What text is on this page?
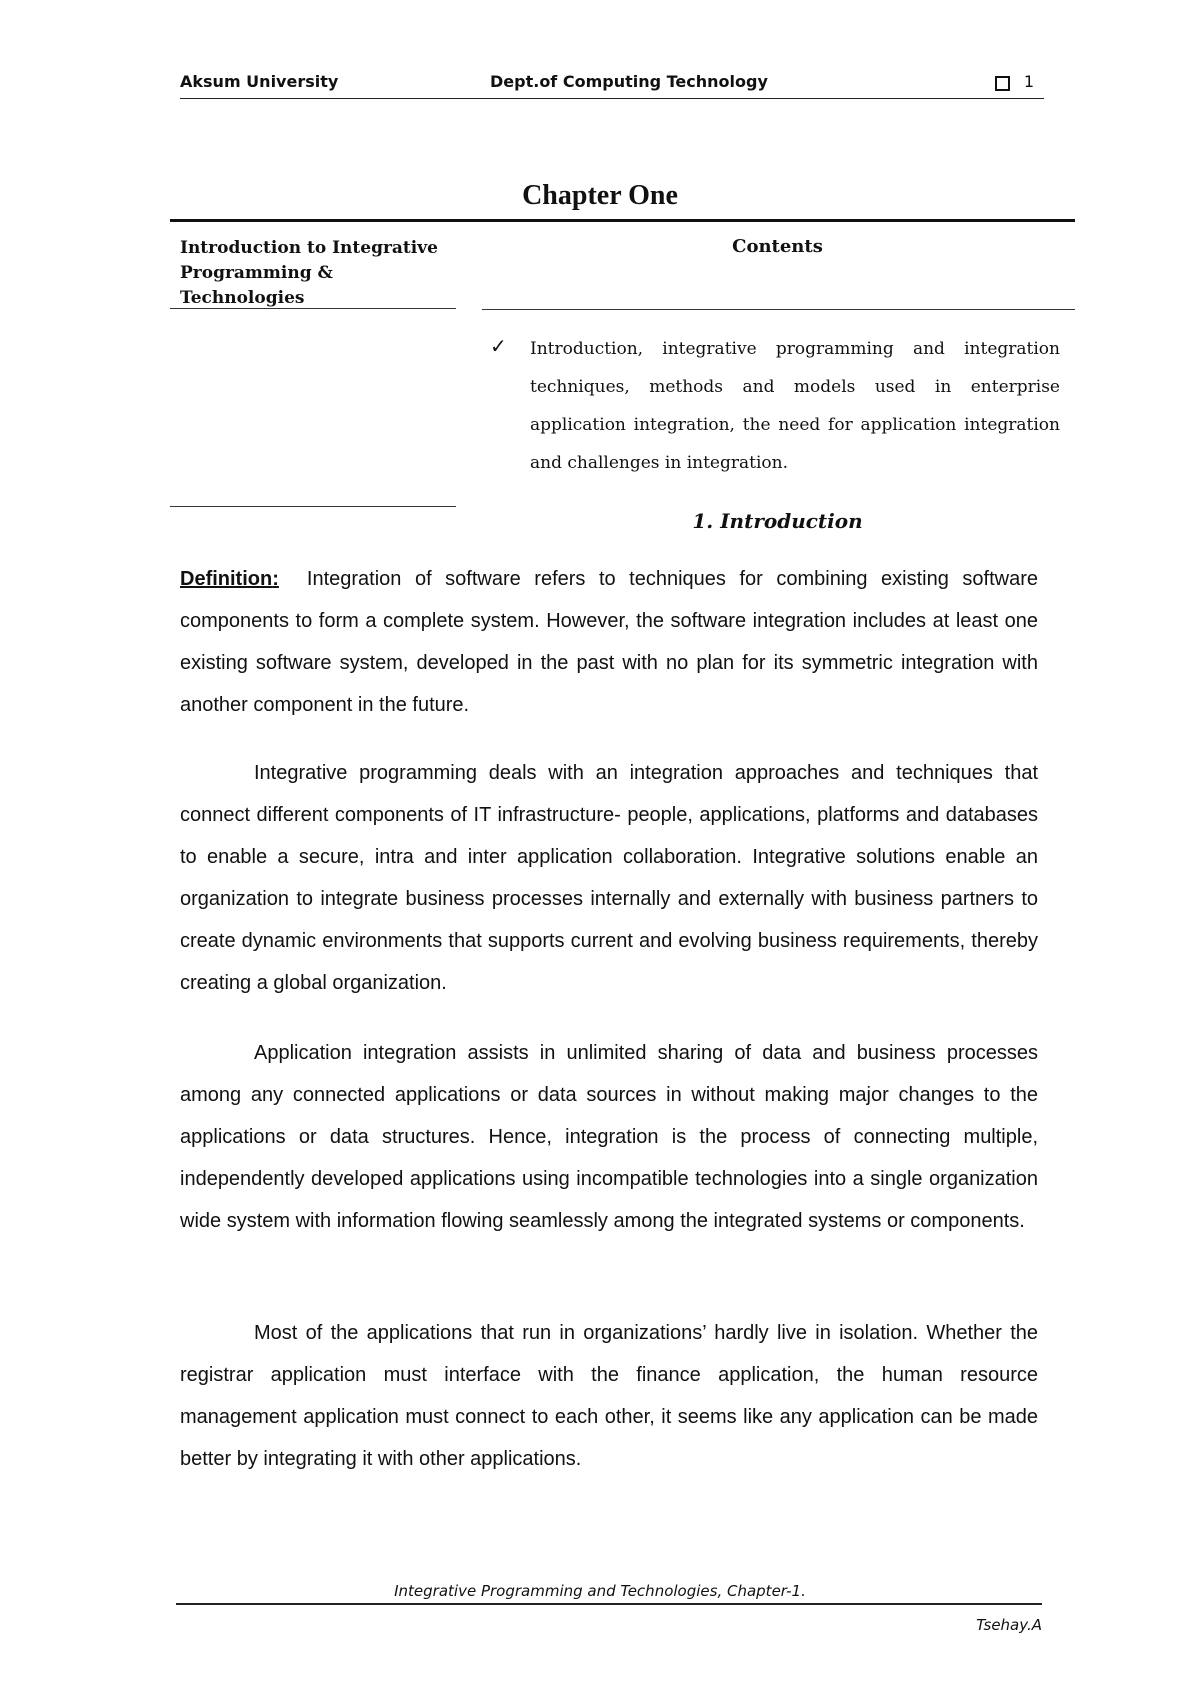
Aksum University	Dept.of Computing Technology	1
Chapter One
Introduction to Integrative Programming & Technologies
Contents
✓ Introduction, integrative programming and integration techniques, methods and models used in enterprise application integration, the need for application integration and challenges in integration.
1. Introduction

Definition: Integration of software refers to techniques for combining existing software components to form a complete system. However, the software integration includes at least one existing software system, developed in the past with no plan for its symmetric integration with another component in the future.

Integrative programming deals with an integration approaches and techniques that connect different components of IT infrastructure- people, applications, platforms and databases to enable a secure, intra and inter application collaboration. Integrative solutions enable an organization to integrate business processes internally and externally with business partners to create dynamic environments that supports current and evolving business requirements, thereby creating a global organization.

Application integration assists in unlimited sharing of data and business processes among any connected applications or data sources in without making major changes to the applications or data structures. Hence, integration is the process of connecting multiple, independently developed applications using incompatible technologies into a single organization wide system with information flowing seamlessly among the integrated systems or components.

Most of the applications that run in organizations’ hardly live in isolation. Whether the registrar application must interface with the finance application, the human resource management application must connect to each other, it seems like any application can be made better by integrating it with other applications.

Integrative Programming and Technologies, Chapter-1.
Tsehay.A
